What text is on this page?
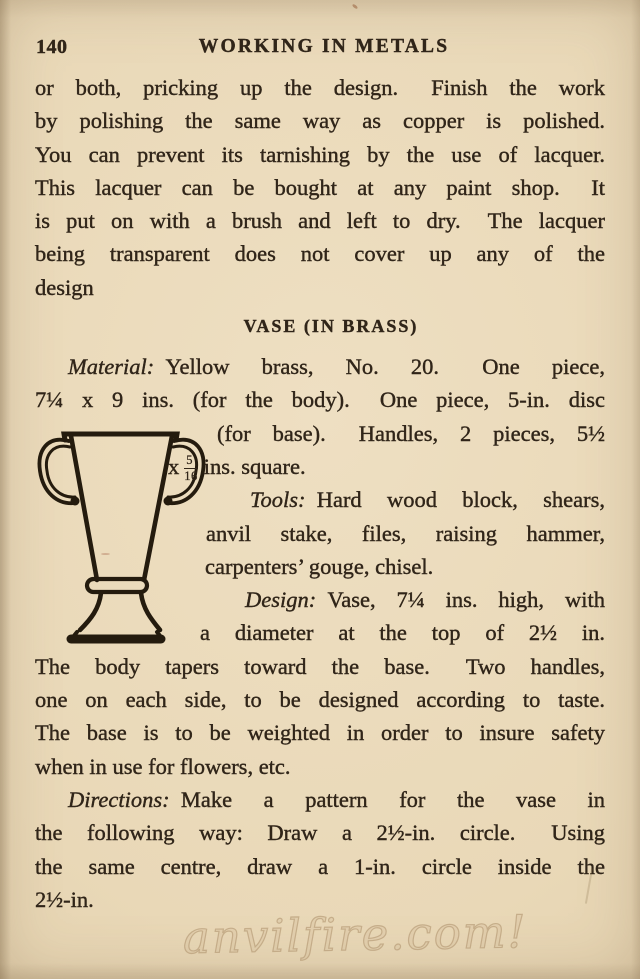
140	WORKING IN METALS
or both, pricking up the design.  Finish the work
by polishing the same way as copper is polished.
You can prevent its tarnishing by the use of lacquer.
This lacquer can be bought at any paint shop.  It
is put on with a brush and left to dry.  The lacquer
being transparent does not cover up any of the
design
VASE (IN BRASS)
Material: Yellow brass, No. 20.  One piece,
7¼ x 9 ins. (for the body).  One piece, 5-in. disc
(for base).  Handles, 2 pieces, 5½
x $\frac{5}{16}$ ins. square.
Tools: Hard wood block, shears,
anvil stake, files, raising hammer,
carpenters’ gouge, chisel.
Design: Vase, 7¼ ins. high, with
a diameter at the top of 2½ in.
The body tapers toward the base.  Two handles,
one on each side, to be designed according to taste.
The base is to be weighted in order to insure safety
when in use for flowers, etc.
Directions: Make a pattern for the vase in
the following way: Draw a 2½-in. circle.  Using
the same centre, draw a 1-in. circle inside the
2½-in.
anvilfire.com!
